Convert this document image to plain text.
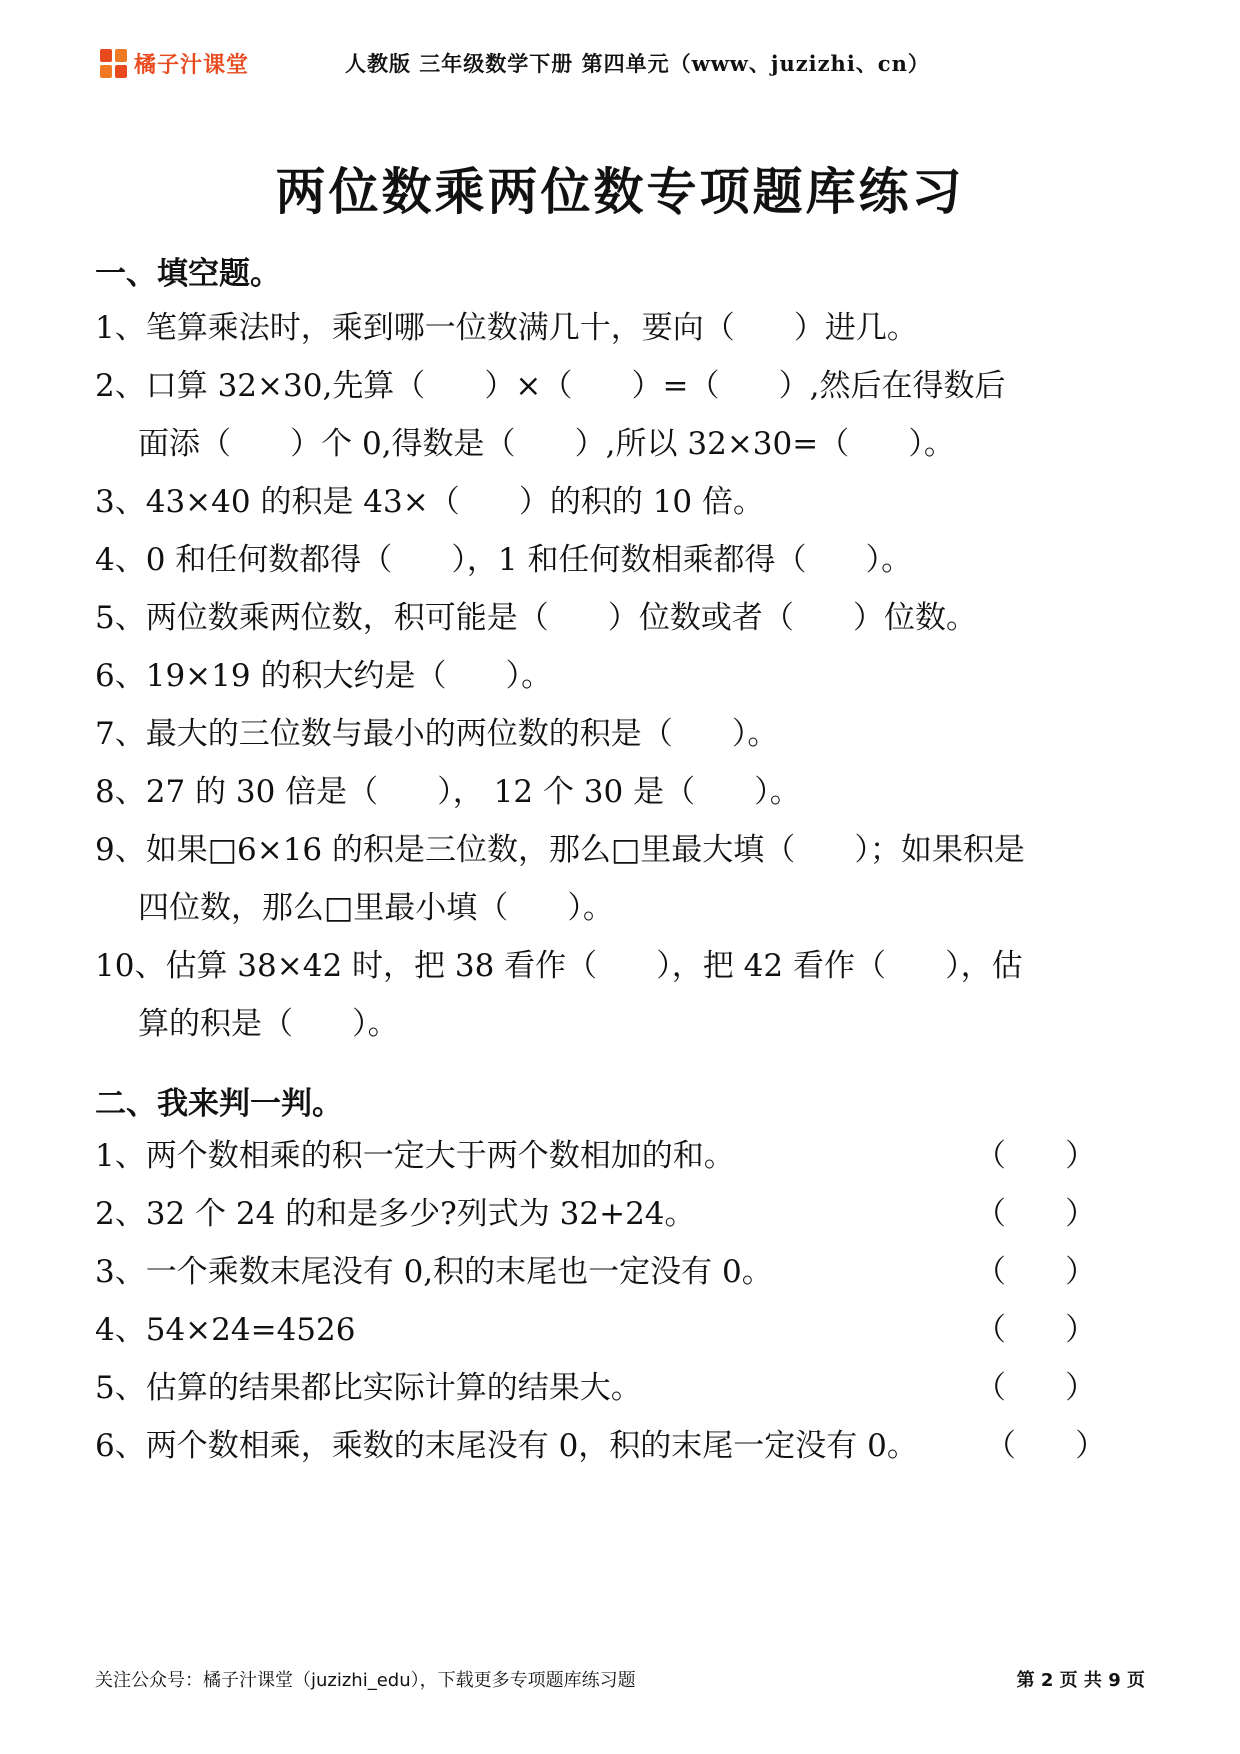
橘子汁课堂	人教版 三年级数学下册 第四单元（www、juzizhi、cn）
两位数乘两位数专项题库练习
一、填空题。
1、笔算乘法时，乘到哪一位数满几十，要向（      ）进几。
2、口算 32×30,先算（      ）×（      ）=（      ）,然后在得数后
面添（      ）个 0,得数是（      ）,所以 32×30=（      ）。
3、43×40 的积是 43×（      ）的积的 10 倍。
4、0 和任何数都得（      ），1 和任何数相乘都得（      ）。
5、两位数乘两位数，积可能是（      ）位数或者（      ）位数。
6、19×19 的积大约是（      ）。
7、最大的三位数与最小的两位数的积是（      ）。
8、27 的 30 倍是（      ）， 12 个 30 是（      ）。
9、如果□6×16 的积是三位数，那么□里最大填（      ）；如果积是
四位数，那么□里最小填（      ）。
10、估算 38×42 时，把 38 看作（      ），把 42 看作（      ），估
算的积是（      ）。
二、我来判一判。
1、两个数相乘的积一定大于两个数相加的和。	（      ）
2、32 个 24 的和是多少?列式为 32+24。	（      ）
3、一个乘数末尾没有 0,积的末尾也一定没有 0。	（      ）
4、54×24=4526	（      ）
5、估算的结果都比实际计算的结果大。	（      ）
6、两个数相乘，乘数的末尾没有 0，积的末尾一定没有 0。 （      ）
关注公众号：橘子汁课堂（juzizhi_edu），下载更多专项题库练习题	第 2 页 共 9 页
